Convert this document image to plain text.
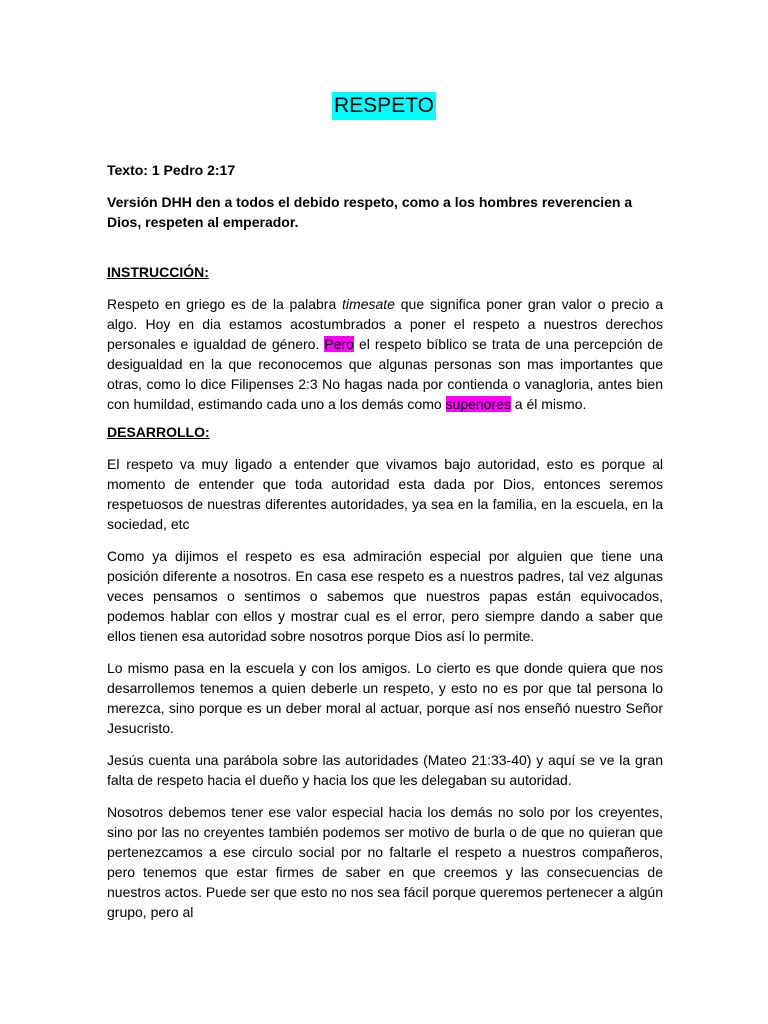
RESPETO

Texto: 1 Pedro 2:17

Versión DHH den a todos el debido respeto, como a los hombres reverencien a Dios, respeten al emperador.

INSTRUCCIÓN:

Respeto en griego es de la palabra timesate que significa poner gran valor o precio a algo. Hoy en dia estamos acostumbrados a poner el respeto a nuestros derechos personales e igualdad de género. Pero el respeto bíblico se trata de una percepción de desigualdad en la que reconocemos que algunas personas son mas importantes que otras, como lo dice Filipenses 2:3 No hagas nada por contienda o vanagloria, antes bien con humildad, estimando cada uno a los demás como superiores a él mismo.

DESARROLLO:

El respeto va muy ligado a entender que vivamos bajo autoridad, esto es porque al momento de entender que toda autoridad esta dada por Dios, entonces seremos respetuosos de nuestras diferentes autoridades, ya sea en la familia, en la escuela, en la sociedad, etc

Como ya dijimos el respeto es esa admiración especial por alguien que tiene una posición diferente a nosotros. En casa ese respeto es a nuestros padres, tal vez algunas veces pensamos o sentimos o sabemos que nuestros papas están equivocados, podemos hablar con ellos y mostrar cual es el error, pero siempre dando a saber que ellos tienen esa autoridad sobre nosotros porque Dios así lo permite.

Lo mismo pasa en la escuela y con los amigos. Lo cierto es que donde quiera que nos desarrollemos tenemos a quien deberle un respeto, y esto no es por que tal persona lo merezca, sino porque es un deber moral al actuar, porque así nos enseñó nuestro Señor Jesucristo.

Jesús cuenta una parábola sobre las autoridades (Mateo 21:33-40) y aquí se ve la gran falta de respeto hacia el dueño y hacia los que les delegaban su autoridad.

Nosotros debemos tener ese valor especial hacia los demás no solo por los creyentes, sino por las no creyentes también podemos ser motivo de burla o de que no quieran que pertenezcamos a ese circulo social por no faltarle el respeto a nuestros compañeros, pero tenemos que estar firmes de saber en que creemos y las consecuencias de nuestros actos. Puede ser que esto no nos sea fácil porque queremos pertenecer a algún grupo, pero al
